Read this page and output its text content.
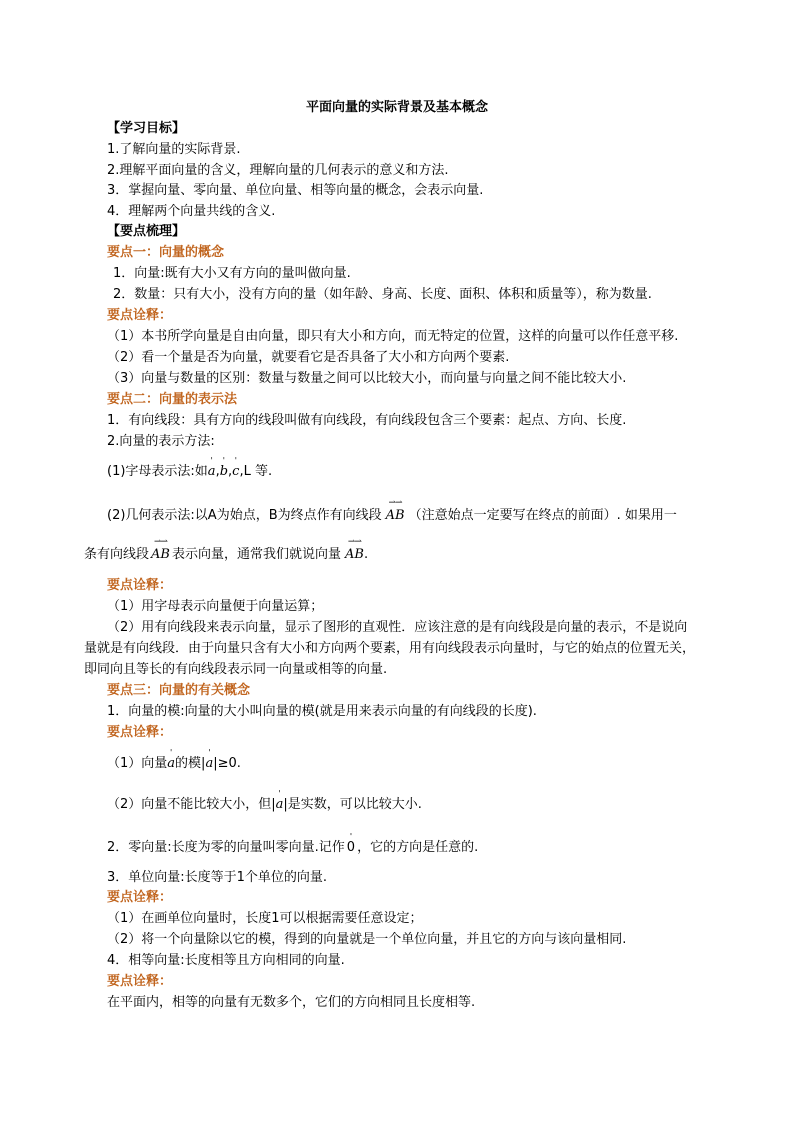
平面向量的实际背景及基本概念
【学习目标】
1.了解向量的实际背景.
2.理解平面向量的含义，理解向量的几何表示的意义和方法.
3．掌握向量、零向量、单位向量、相等向量的概念，会表示向量.
4．理解两个向量共线的含义.
【要点梳理】
要点一：向量的概念
1．向量:既有大小又有方向的量叫做向量.
2．数量：只有大小，没有方向的量（如年龄、身高、长度、面积、体积和质量等），称为数量.
要点诠释：
（1）本书所学向量是自由向量，即只有大小和方向，而无特定的位置，这样的向量可以作任意平移.
（2）看一个量是否为向量，就要看它是否具备了大小和方向两个要素.
（3）向量与数量的区别：数量与数量之间可以比较大小，而向量与向量之间不能比较大小.
要点二：向量的表示法
1．有向线段：具有方向的线段叫做有向线段，有向线段包含三个要素：起点、方向、长度.
2.向量的表示方法:
(1)字母表示法:如
'
a,
'
b,
'
c,L 等.
(2)几何表示法:以A为始点，B为终点作有向线段
⇀⇀
AB （注意始点一定要写在终点的前面）. 如果用一
条有向线段
⇀⇀
AB 表示向量，通常我们就说向量
⇀⇀
AB.
要点诠释：
（1）用字母表示向量便于向量运算；
（2）用有向线段来表示向量，显示了图形的直观性．应该注意的是有向线段是向量的表示，不是说向
量就是有向线段．由于向量只含有大小和方向两个要素，用有向线段表示向量时，与它的始点的位置无关，
即同向且等长的有向线段表示同一向量或相等的向量.
要点三：向量的有关概念
1．向量的模:向量的大小叫向量的模(就是用来表示向量的有向线段的长度).
要点诠释：
（1）向量
'
a的模|
'
a|≥0.
（2）向量不能比较大小，但|
'
a|是实数，可以比较大小.
2．零向量:长度为零的向量叫零向量.记作
'
0 ，它的方向是任意的.
3．单位向量:长度等于1个单位的向量.
要点诠释：
（1）在画单位向量时，长度1可以根据需要任意设定；
（2）将一个向量除以它的模，得到的向量就是一个单位向量，并且它的方向与该向量相同.
4．相等向量:长度相等且方向相同的向量.
要点诠释：
在平面内，相等的向量有无数多个，它们的方向相同且长度相等.
